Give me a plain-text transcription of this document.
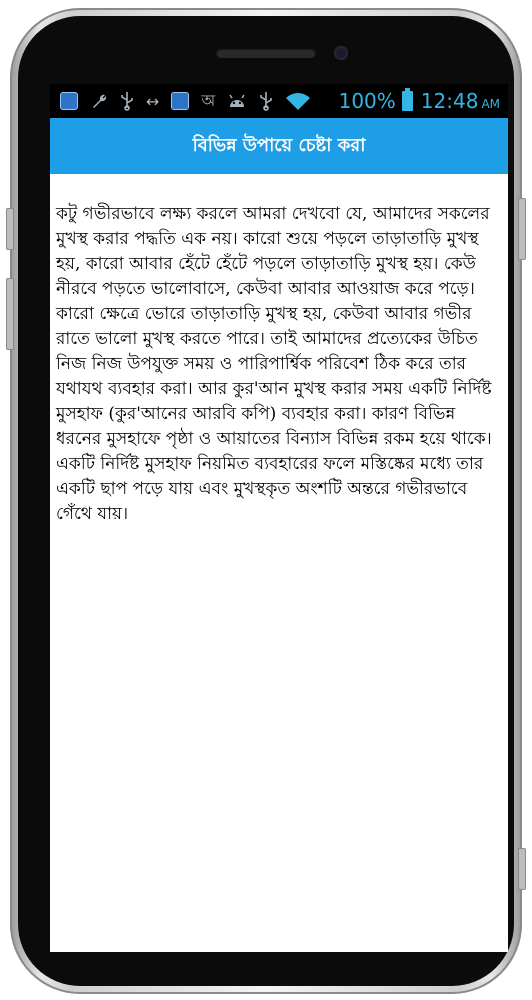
↔	অ	100% 12:48 AM
বিভিন্ন উপায়ে চেষ্টা করা
কটু গভীরভাবে লক্ষ্য করলে আমরা দেখবো যে, আমাদের সকলের মুখস্থ করার পদ্ধতি এক নয়। কারো শুয়ে পড়লে তাড়াতাড়ি মুখস্থ হয়, কারো আবার হেঁটে হেঁটে পড়লে তাড়াতাড়ি মুখস্থ হয়। কেউ নীরবে পড়তে ভালোবাসে, কেউবা আবার আওয়াজ করে পড়ে। কারো ক্ষেত্রে ভোরে তাড়াতাড়ি মুখস্থ হয়, কেউবা আবার গভীর রাতে ভালো মুখস্থ করতে পারে। তাই আমাদের প্রত্যেকের উচিত নিজ নিজ উপযুক্ত সময় ও পারিপার্শ্বিক পরিবেশ ঠিক করে তার যথাযথ ব্যবহার করা। আর কুর'আন মুখস্থ করার সময় একটি নির্দিষ্ট মুসহাফ (কুর'আনের আরবি কপি) ব্যবহার করা। কারণ বিভিন্ন ধরনের মুসহাফে পৃষ্ঠা ও আয়াতের বিন্যাস বিভিন্ন রকম হয়ে থাকে। একটি নির্দিষ্ট মুসহাফ নিয়মিত ব্যবহারের ফলে মস্তিষ্কের মধ্যে তার একটি ছাপ পড়ে যায় এবং মুখস্থকৃত অংশটি অন্তরে গভীরভাবে গেঁথে যায়।
